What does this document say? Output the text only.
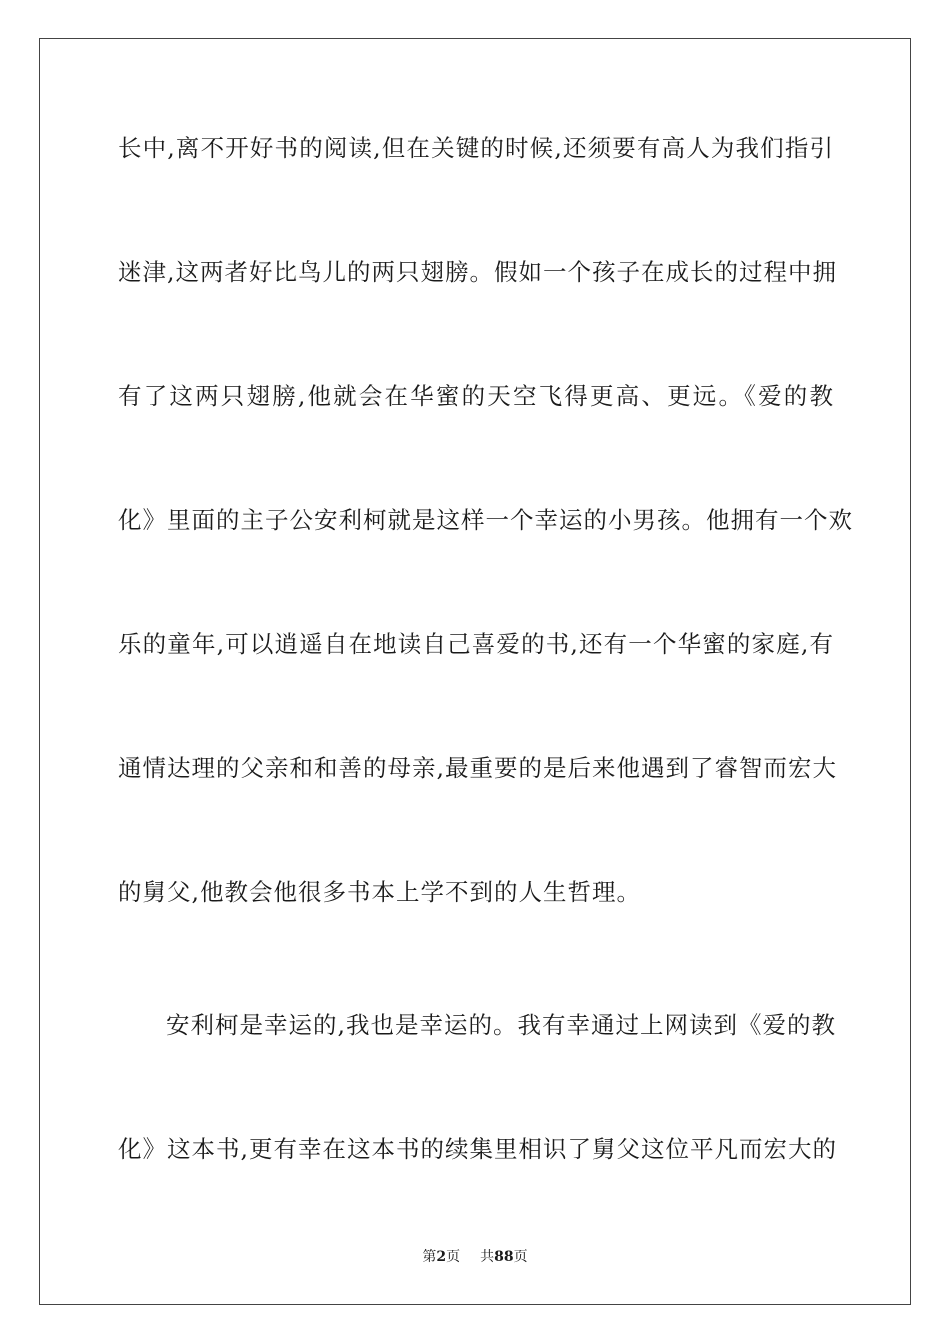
长中,离不开好书的阅读,但在关键的时候,还须要有高人为我们指引
迷津,这两者好比鸟儿的两只翅膀。假如一个孩子在成长的过程中拥
有了这两只翅膀,他就会在华蜜的天空飞得更高、更远。《爱的教
化》里面的主子公安利柯就是这样一个幸运的小男孩。他拥有一个欢
乐的童年,可以逍遥自在地读自己喜爱的书,还有一个华蜜的家庭,有
通情达理的父亲和和善的母亲,最重要的是后来他遇到了睿智而宏大
的舅父,他教会他很多书本上学不到的人生哲理。
安利柯是幸运的,我也是幸运的。我有幸通过上网读到《爱的教
化》这本书,更有幸在这本书的续集里相识了舅父这位平凡而宏大的
第2页 共88页
